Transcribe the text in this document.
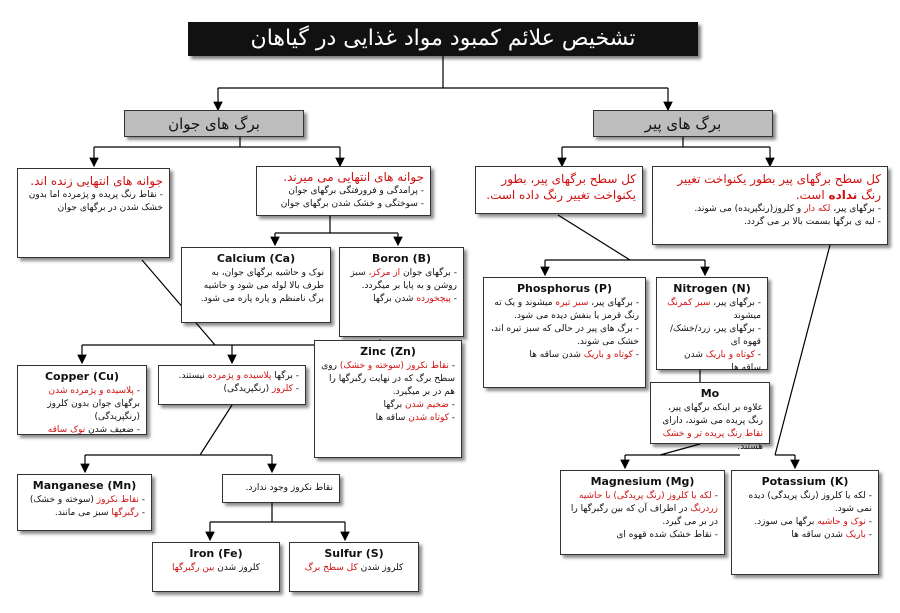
تشخیص علائم کمبود مواد غذایی در گیاهان
برگ های جوان	برگ های پیر
جوانه های انتهایی زنده اند.
- نقاط رنگ پریده و پژمرده اما بدون خشک شدن در برگهای جوان
جوانه های انتهایی می میرند.
- پرامدگی و فرورفتگی برگهای جوان
- سوختگی و خشک شدن برگهای جوان
کل سطح برگهای پیر، بطور یکنواخت تغییر رنگ داده است.
کل سطح برگهای پیر بطور یکنواخت تغییر رنگ نداده است.
- برگهای پیر، لکه دار و کلروز(رنگپریده) می شوند.
- لبه ی برگها بسمت بالا بر می گردد.
Calcium (Ca)
نوک و حاشیه برگهای جوان، به طرف بالا لوله می شود و حاشیه برگ نامنظم و پاره پاره می شود.
Boron (B)
- برگهای جوان از مرکز، سبز روشن و به پایا بر میگردد.
- پیچخورده شدن برگها
Phosphorus (P)
- برگهای پیر، سبز تیره میشوند و یک ته رنگ قرمز یا بنفش دیده می شود.
- برگ های پیر در حالی که سبز تیره اند، خشک می شوند.
- کوتاه و باریک شدن ساقه ها
Nitrogen (N)
- برگهای پیر، سبز کمرنگ میشوند
- برگهای پیر، زرد/خشک/قهوه ای
- کوتاه و باریک شدن ساقه ها
Mo
علاوه بر اینکه برگهای پیر، رنگ پریده می شوند، دارای نقاط رنگ پریده تر و خشک هستند.
Copper (Cu)
- پلاسیده و پژمرده شدن برگهای جوان بدون کلروز (رنگپریدگی)
- ضعیف شدن نوک ساقه
- برگها پلاسیده و پژمرده نیستند.
- کلروز (رنگپریدگی)
Zinc (Zn)
- نقاط نکروز (سوخته و خشک) روی سطح برگ که در نهایت رگبرگها را هم در بر میگیرد.
- ضخیم شدن برگها
- کوتاه شدن ساقه ها
Manganese (Mn)
- نقاط نکروز (سوخته و خشک)
- رگبرگها سبز می مانند.
نقاط نکروز وجود ندارد.
Iron (Fe)
کلروز شدن بین رگبرگها
Sulfur (S)
کلروز شدن کل سطح برگ
Magnesium (Mg)
- لکه یا کلروز (رنگ پریدگی) با حاشیه زردرنگ در اطراف آن که بین رگبرگها را در بر می گیرد.
- نقاط خشک شده قهوه ای
Potassium (K)
- لکه یا کلروز (رنگ پریدگی) دیده نمی شود.
- نوک و حاشیه برگها می سوزد.
- باریک شدن ساقه ها
